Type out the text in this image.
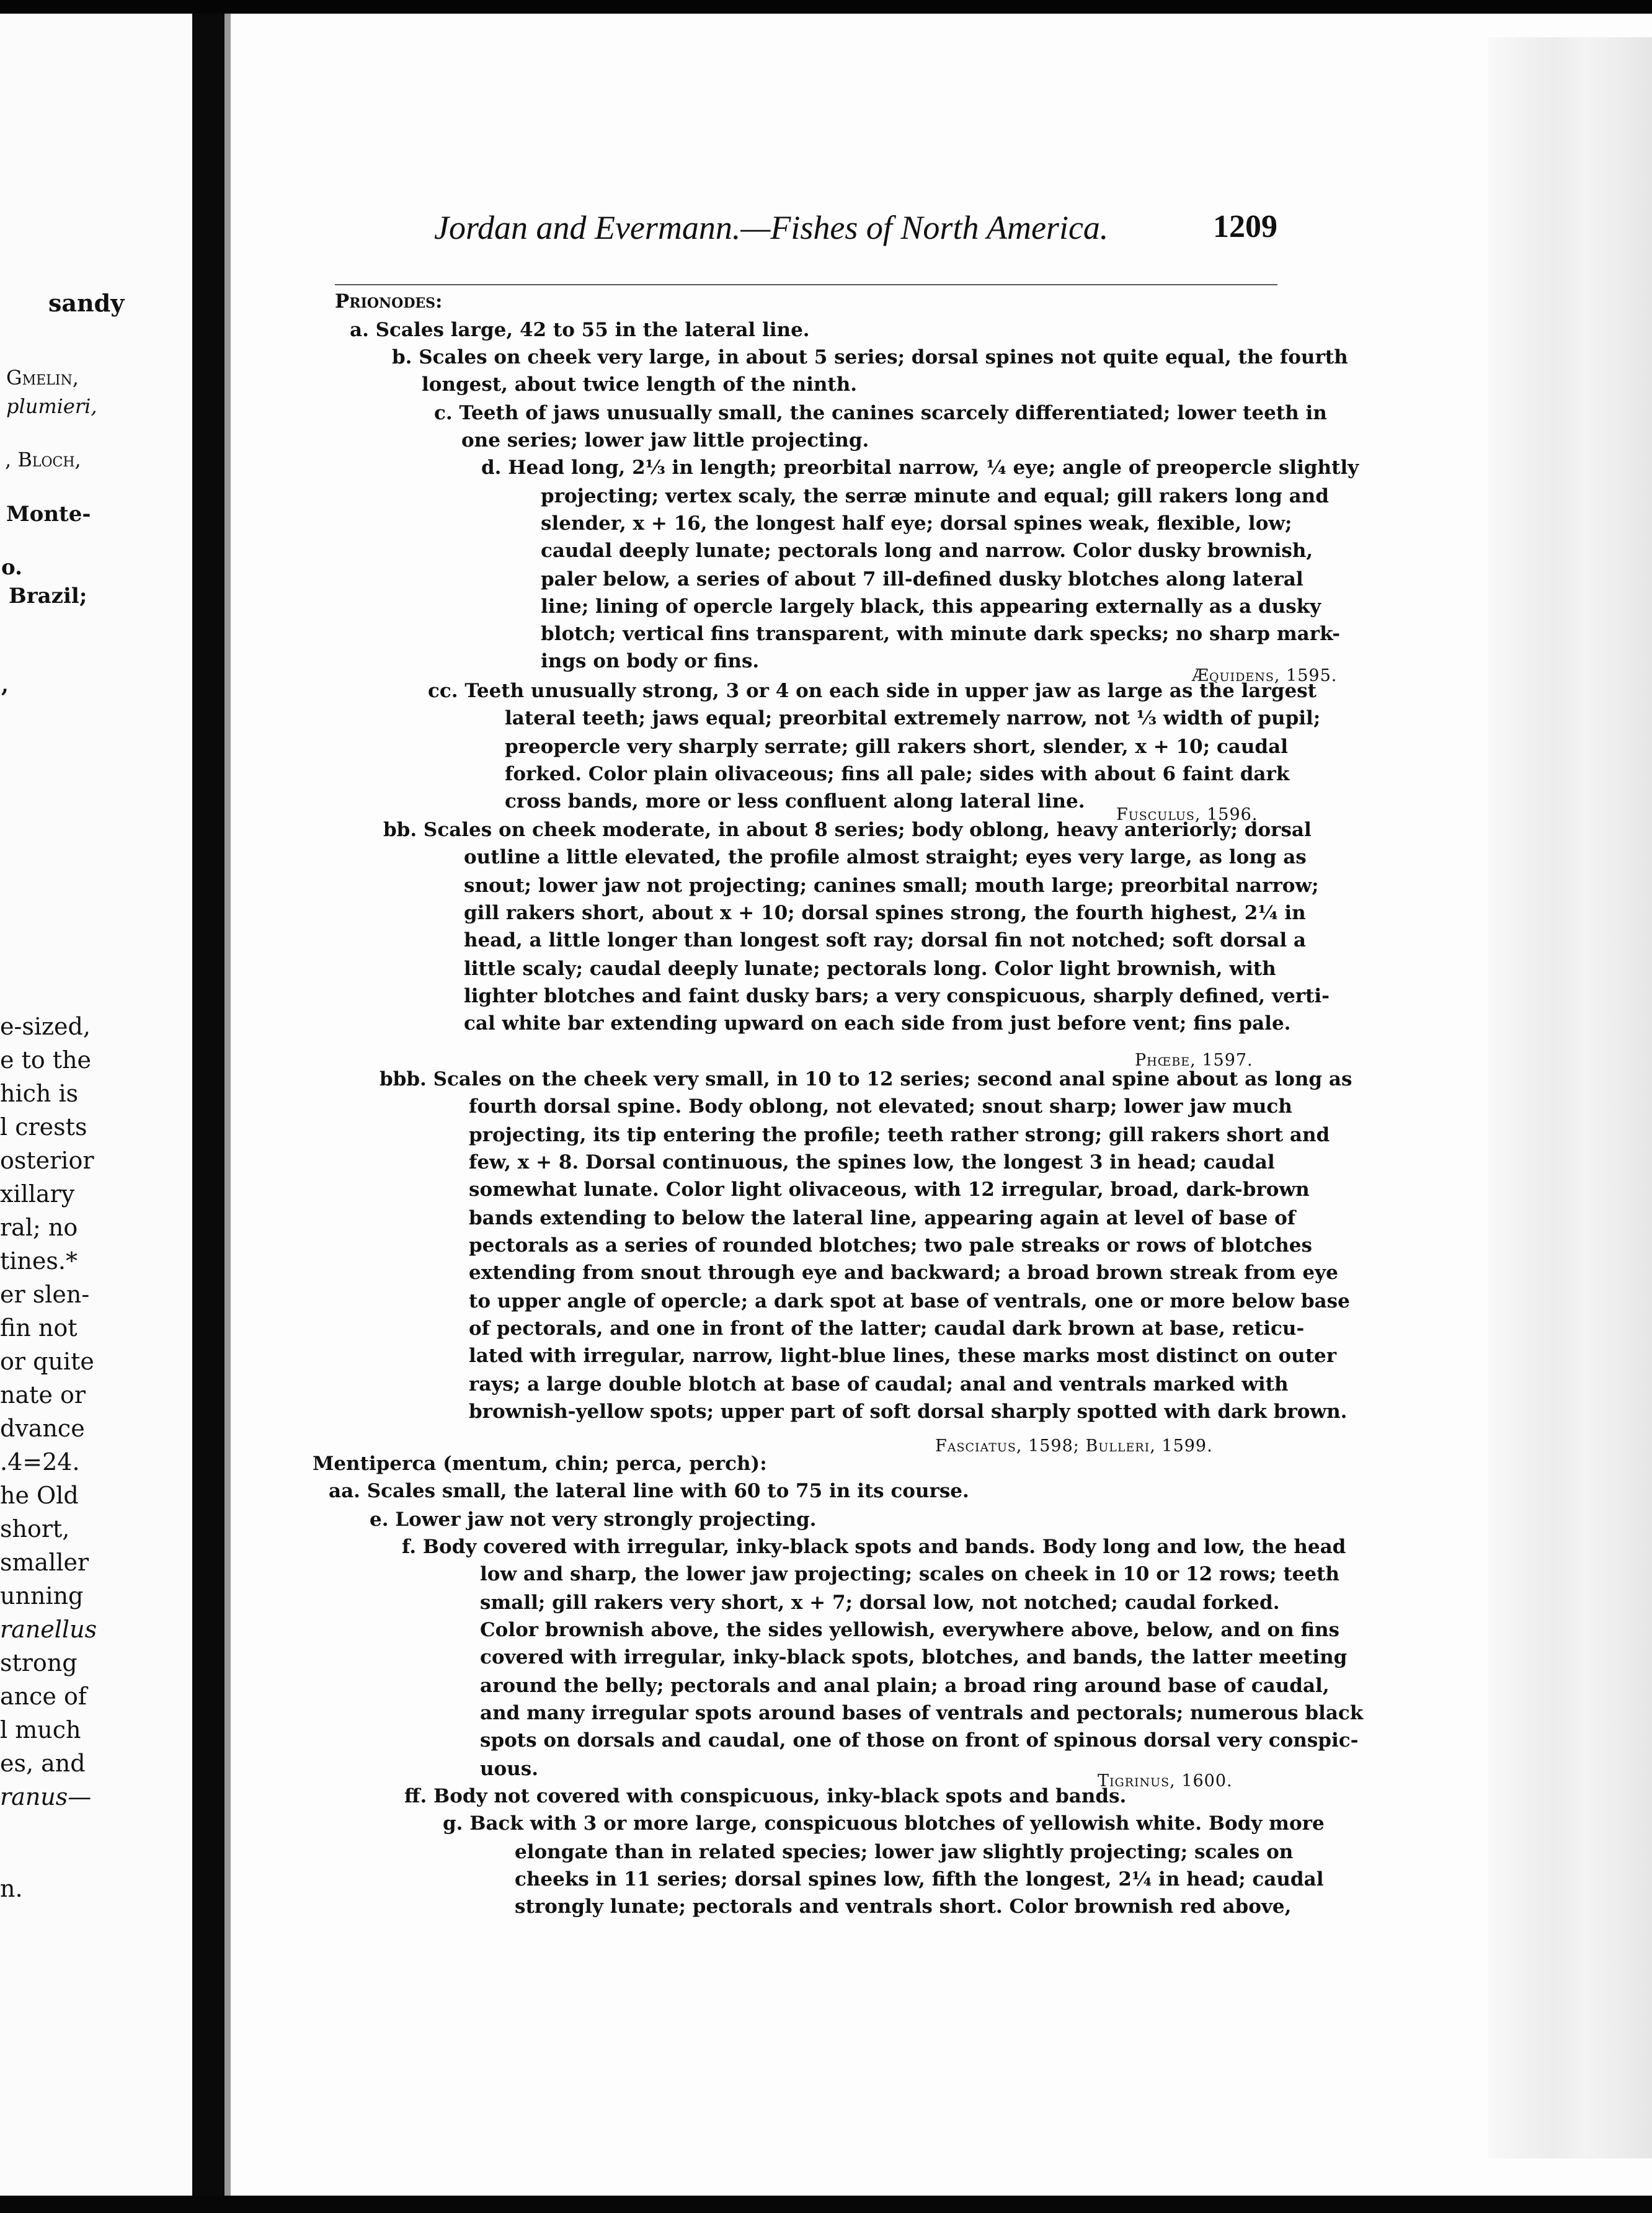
sandy
Gmelin,
plumieri,
, Bloch,
Monte-
o.
Brazil;
,
e-sized,
e to the
hich is
l crests
osterior
xillary
ral; no
tines.*
er slen-
fin not
or quite
nate or
dvance
.4=24.
he Old
short,
smaller
unning
ranellus
strong
ance of
l much
es, and
ranus—
n.
Jordan and Evermann.—Fishes of North America.	1209
Prionodes:
a. Scales large, 42 to 55 in the lateral line.
b. Scales on cheek very large, in about 5 series; dorsal spines not quite equal, the fourth
longest, about twice length of the ninth.
c. Teeth of jaws unusually small, the canines scarcely differentiated; lower teeth in
one series; lower jaw little projecting.
d. Head long, 2⅓ in length; preorbital narrow, ¼ eye; angle of preopercle slightly
projecting; vertex scaly, the serræ minute and equal; gill rakers long and
slender, x + 16, the longest half eye; dorsal spines weak, flexible, low;
caudal deeply lunate; pectorals long and narrow. Color dusky brownish,
paler below, a series of about 7 ill-defined dusky blotches along lateral
line; lining of opercle largely black, this appearing externally as a dusky
blotch; vertical fins transparent, with minute dark specks; no sharp mark-
ings on body or fins.
Æquidens, 1595.
cc. Teeth unusually strong, 3 or 4 on each side in upper jaw as large as the largest
lateral teeth; jaws equal; preorbital extremely narrow, not ⅓ width of pupil;
preopercle very sharply serrate; gill rakers short, slender, x + 10; caudal
forked. Color plain olivaceous; fins all pale; sides with about 6 faint dark
cross bands, more or less confluent along lateral line.
Fusculus, 1596.
bb. Scales on cheek moderate, in about 8 series; body oblong, heavy anteriorly; dorsal
outline a little elevated, the profile almost straight; eyes very large, as long as
snout; lower jaw not projecting; canines small; mouth large; preorbital narrow;
gill rakers short, about x + 10; dorsal spines strong, the fourth highest, 2¼ in
head, a little longer than longest soft ray; dorsal fin not notched; soft dorsal a
little scaly; caudal deeply lunate; pectorals long. Color light brownish, with
lighter blotches and faint dusky bars; a very conspicuous, sharply defined, verti-
cal white bar extending upward on each side from just before vent; fins pale.
Phœbe, 1597.
bbb. Scales on the cheek very small, in 10 to 12 series; second anal spine about as long as
fourth dorsal spine. Body oblong, not elevated; snout sharp; lower jaw much
projecting, its tip entering the profile; teeth rather strong; gill rakers short and
few, x + 8. Dorsal continuous, the spines low, the longest 3 in head; caudal
somewhat lunate. Color light olivaceous, with 12 irregular, broad, dark-brown
bands extending to below the lateral line, appearing again at level of base of
pectorals as a series of rounded blotches; two pale streaks or rows of blotches
extending from snout through eye and backward; a broad brown streak from eye
to upper angle of opercle; a dark spot at base of ventrals, one or more below base
of pectorals, and one in front of the latter; caudal dark brown at base, reticu-
lated with irregular, narrow, light-blue lines, these marks most distinct on outer
rays; a large double blotch at base of caudal; anal and ventrals marked with
brownish-yellow spots; upper part of soft dorsal sharply spotted with dark brown.
Fasciatus, 1598; Bulleri, 1599.
Mentiperca (mentum, chin; perca, perch):
aa. Scales small, the lateral line with 60 to 75 in its course.
e. Lower jaw not very strongly projecting.
f. Body covered with irregular, inky-black spots and bands. Body long and low, the head
low and sharp, the lower jaw projecting; scales on cheek in 10 or 12 rows; teeth
small; gill rakers very short, x + 7; dorsal low, not notched; caudal forked.
Color brownish above, the sides yellowish, everywhere above, below, and on fins
covered with irregular, inky-black spots, blotches, and bands, the latter meeting
around the belly; pectorals and anal plain; a broad ring around base of caudal,
and many irregular spots around bases of ventrals and pectorals; numerous black
spots on dorsals and caudal, one of those on front of spinous dorsal very conspic-
uous.
Tigrinus, 1600.
ff. Body not covered with conspicuous, inky-black spots and bands.
g. Back with 3 or more large, conspicuous blotches of yellowish white. Body more
elongate than in related species; lower jaw slightly projecting; scales on
cheeks in 11 series; dorsal spines low, fifth the longest, 2¼ in head; caudal
strongly lunate; pectorals and ventrals short. Color brownish red above,
